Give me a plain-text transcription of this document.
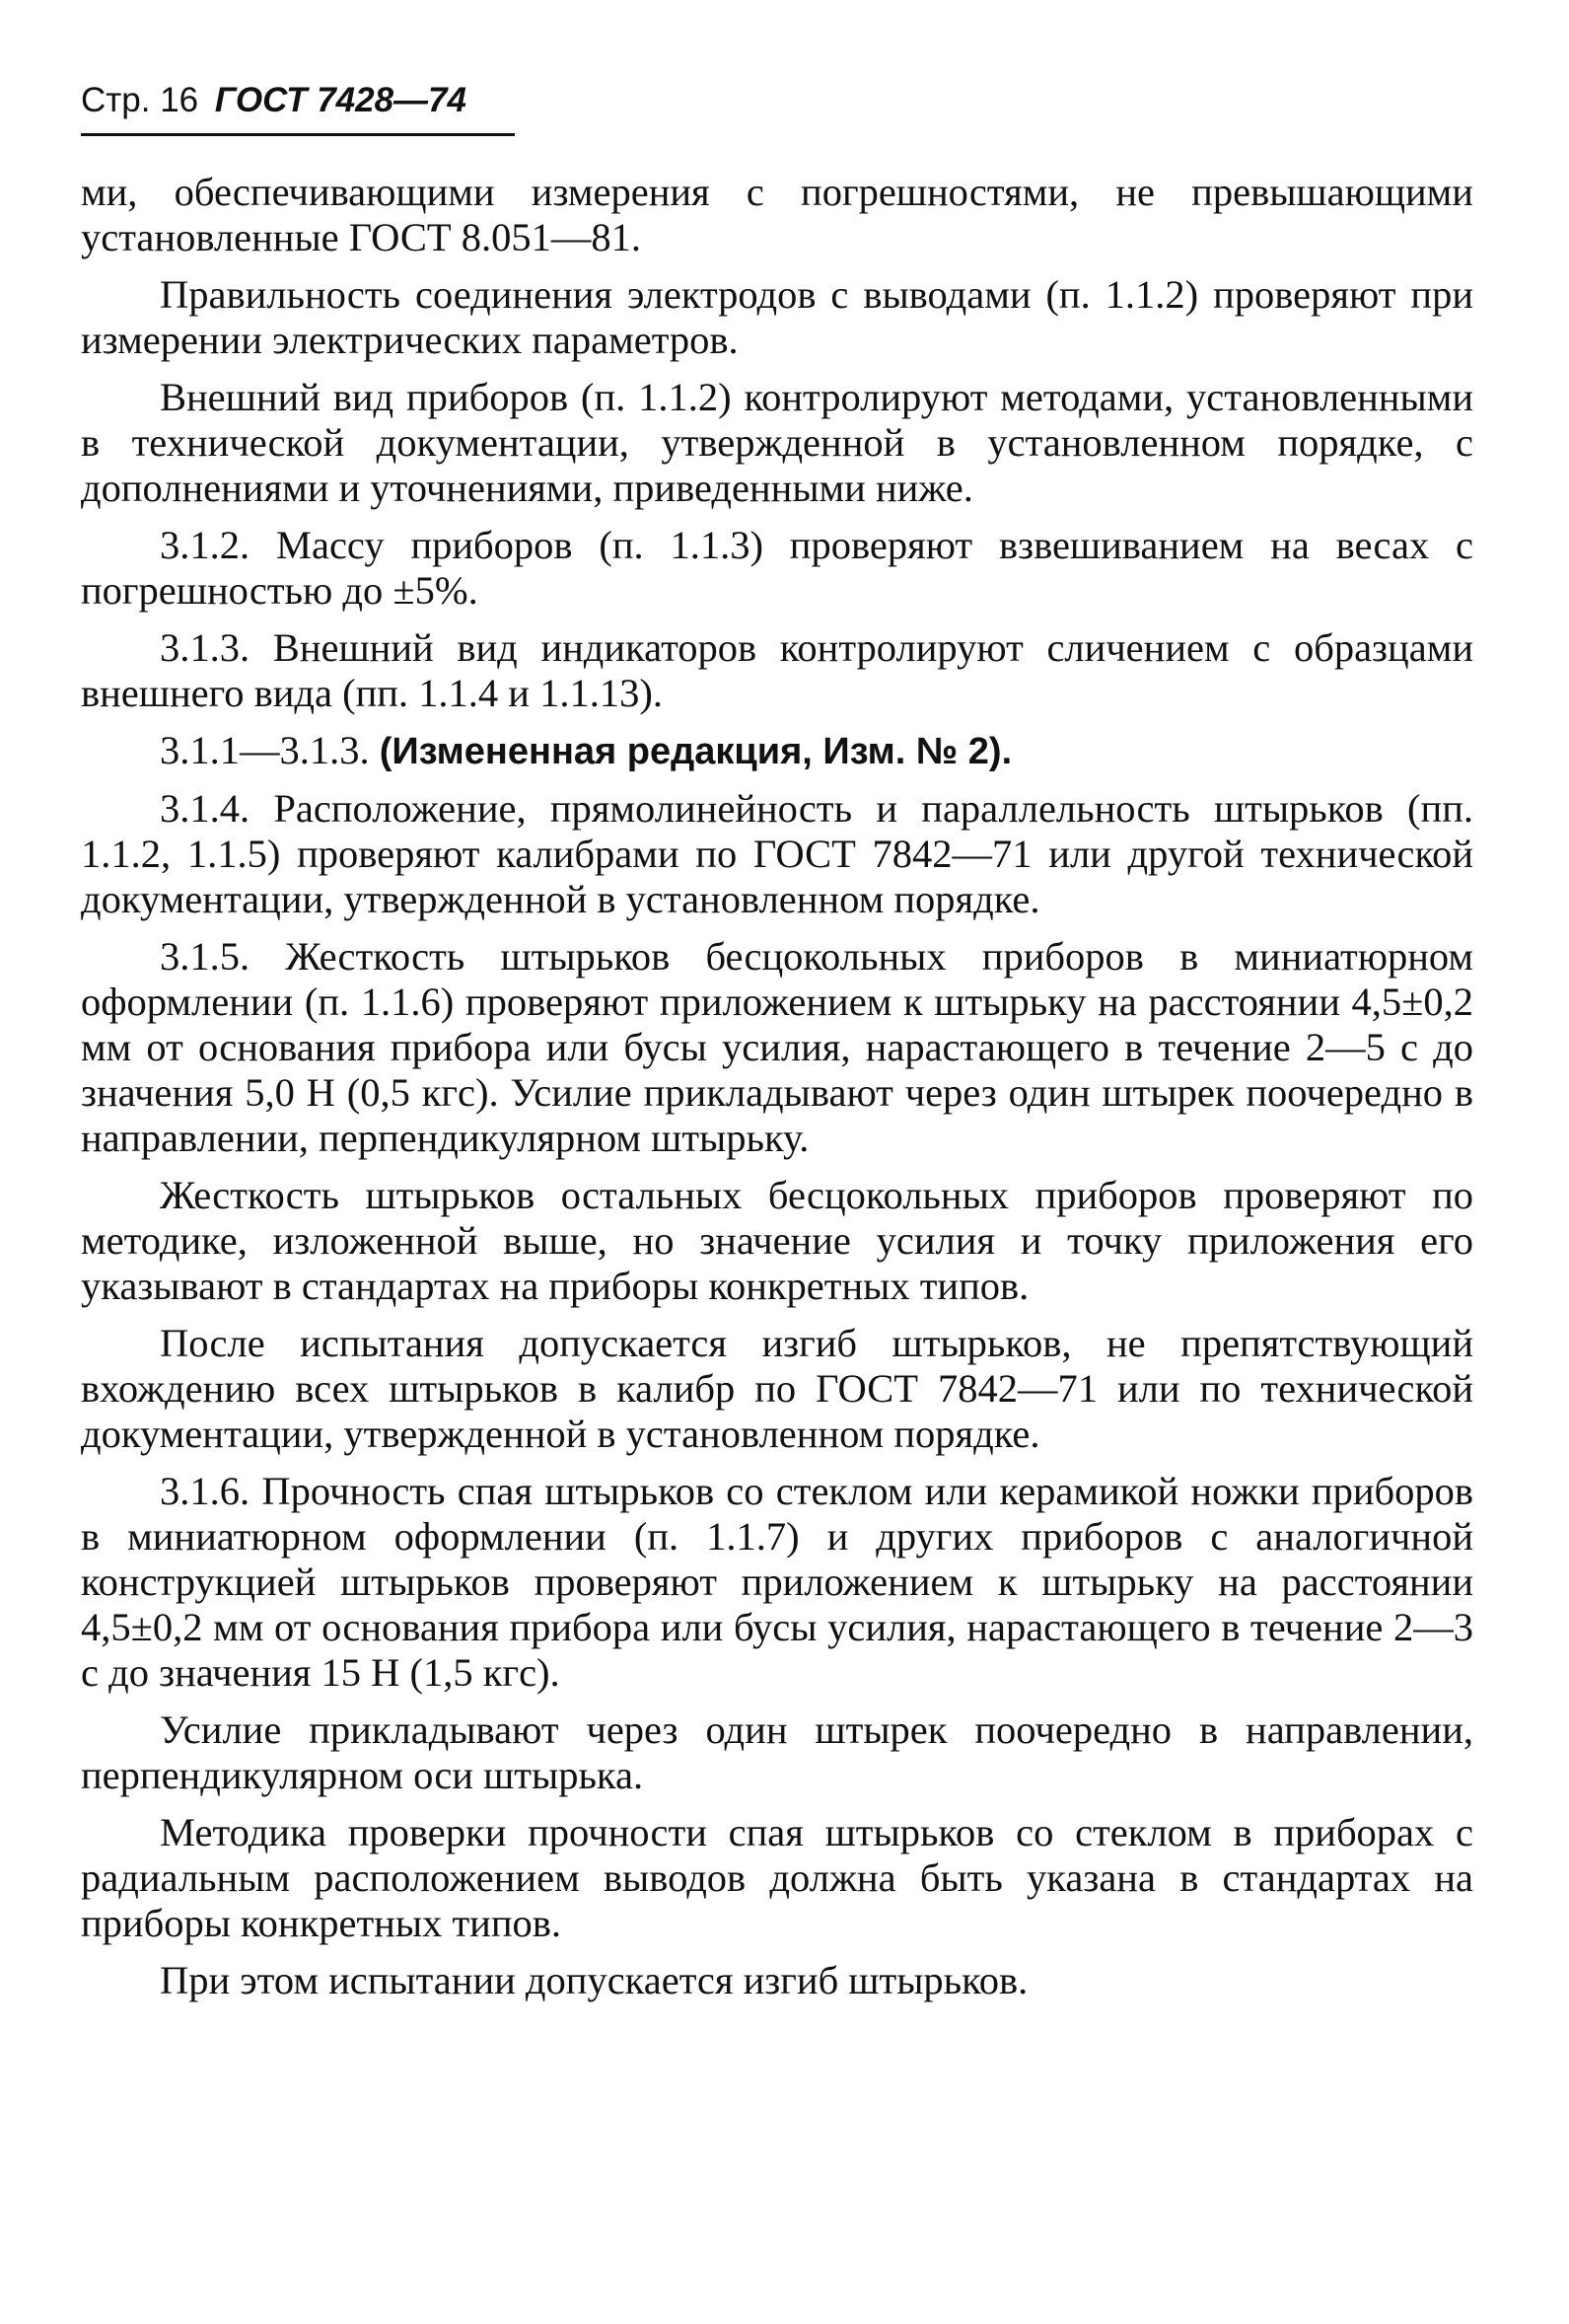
Стр. 16 ГОСТ 7428—74

ми, обеспечивающими измерения с погрешностями, не превышающими установленные ГОСТ 8.051—81.

Правильность соединения электродов с выводами (п. 1.1.2) проверяют при измерении электрических параметров.

Внешний вид приборов (п. 1.1.2) контролируют методами, установленными в технической документации, утвержденной в установленном порядке, с дополнениями и уточнениями, приведенными ниже.

3.1.2. Массу приборов (п. 1.1.3) проверяют взвешиванием на весах с погрешностью до ±5%.

3.1.3. Внешний вид индикаторов контролируют сличением с образцами внешнего вида (пп. 1.1.4 и 1.1.13).

3.1.1—3.1.3. (Измененная редакция, Изм. № 2).

3.1.4. Расположение, прямолинейность и параллельность штырьков (пп. 1.1.2, 1.1.5) проверяют калибрами по ГОСТ 7842—71 или другой технической документации, утвержденной в установленном порядке.

3.1.5. Жесткость штырьков бесцокольных приборов в миниатюрном оформлении (п. 1.1.6) проверяют приложением к штырьку на расстоянии 4,5±0,2 мм от основания прибора или бусы усилия, нарастающего в течение 2—5 с до значения 5,0 Н (0,5 кгс). Усилие прикладывают через один штырек поочередно в направлении, перпендикулярном штырьку.

Жесткость штырьков остальных бесцокольных приборов проверяют по методике, изложенной выше, но значение усилия и точку приложения его указывают в стандартах на приборы конкретных типов.

После испытания допускается изгиб штырьков, не препятствующий вхождению всех штырьков в калибр по ГОСТ 7842—71 или по технической документации, утвержденной в установленном порядке.

3.1.6. Прочность спая штырьков со стеклом или керамикой ножки приборов в миниатюрном оформлении (п. 1.1.7) и других приборов с аналогичной конструкцией штырьков проверяют приложением к штырьку на расстоянии 4,5±0,2 мм от основания прибора или бусы усилия, нарастающего в течение 2—3 с до значения 15 Н (1,5 кгс).

Усилие прикладывают через один штырек поочередно в направлении, перпендикулярном оси штырька.

Методика проверки прочности спая штырьков со стеклом в приборах с радиальным расположением выводов должна быть указана в стандартах на приборы конкретных типов.

При этом испытании допускается изгиб штырьков.
